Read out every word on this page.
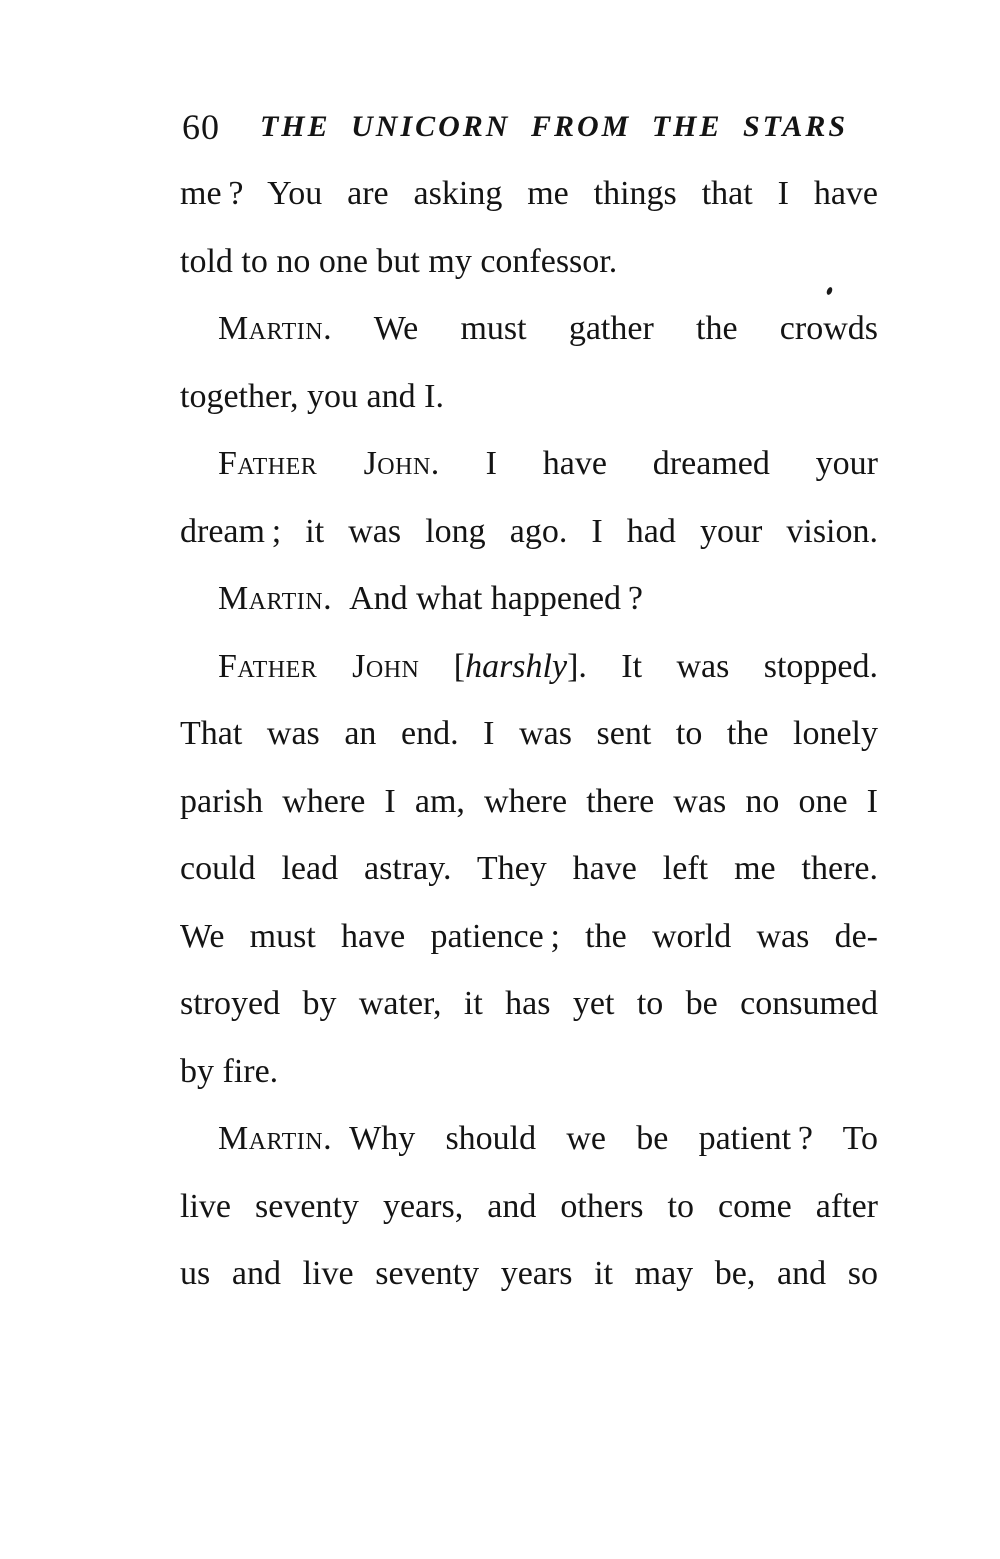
60	THE UNICORN FROM THE STARS
me ? You are asking me things that I have
told to no one but my confessor.
Martin. We must gather the crowds
together, you and I.
Father John. I have dreamed your
dream ; it was long ago. I had your vision.
Martin. And what happened ?
Father John [harshly]. It was stopped.
That was an end. I was sent to the lonely
parish where I am, where there was no one I
could lead astray. They have left me there.
We must have patience ; the world was de-
stroyed by water, it has yet to be consumed
by fire.
Martin. Why should we be patient ? To
live seventy years, and others to come after
us and live seventy years it may be, and so
